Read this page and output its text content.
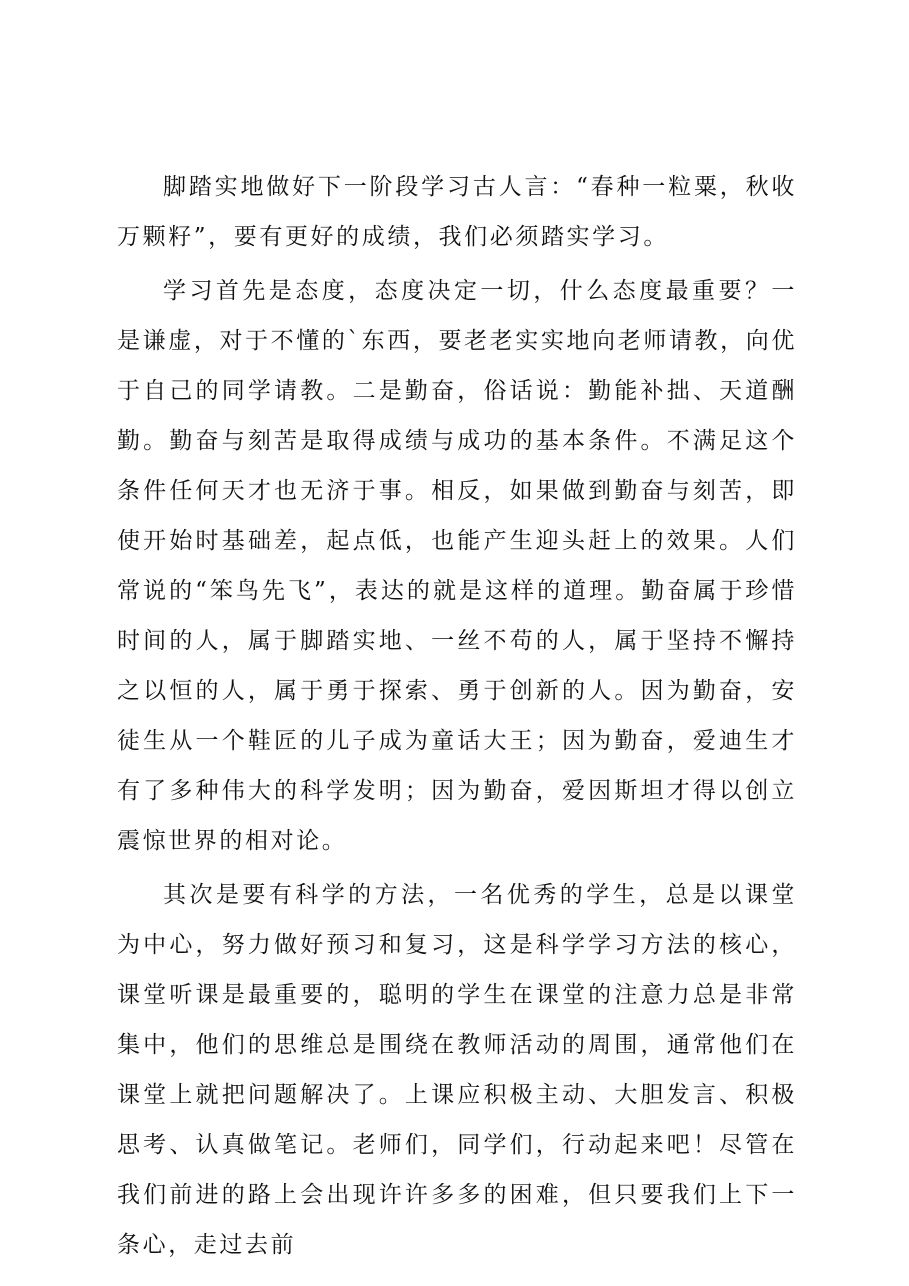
脚踏实地做好下一阶段学习古人言：“春种一粒粟，秋收万颗籽”，要有更好的成绩，我们必须踏实学习。

学习首先是态度，态度决定一切，什么态度最重要？一是谦虚，对于不懂的`东西，要老老实实地向老师请教，向优于自己的同学请教。二是勤奋，俗话说：勤能补拙、天道酬勤。勤奋与刻苦是取得成绩与成功的基本条件。不满足这个条件任何天才也无济于事。相反，如果做到勤奋与刻苦，即使开始时基础差，起点低，也能产生迎头赶上的效果。人们常说的“笨鸟先飞”，表达的就是这样的道理。勤奋属于珍惜时间的人，属于脚踏实地、一丝不苟的人，属于坚持不懈持之以恒的人，属于勇于探索、勇于创新的人。因为勤奋，安徒生从一个鞋匠的儿子成为童话大王；因为勤奋，爱迪生才有了多种伟大的科学发明；因为勤奋，爱因斯坦才得以创立震惊世界的相对论。

其次是要有科学的方法，一名优秀的学生，总是以课堂为中心，努力做好预习和复习，这是科学学习方法的核心，课堂听课是最重要的，聪明的学生在课堂的注意力总是非常集中，他们的思维总是围绕在教师活动的周围，通常他们在课堂上就把问题解决了。上课应积极主动、大胆发言、积极思考、认真做笔记。老师们，同学们，行动起来吧！尽管在我们前进的路上会出现许许多多的困难，但只要我们上下一条心，走过去前
